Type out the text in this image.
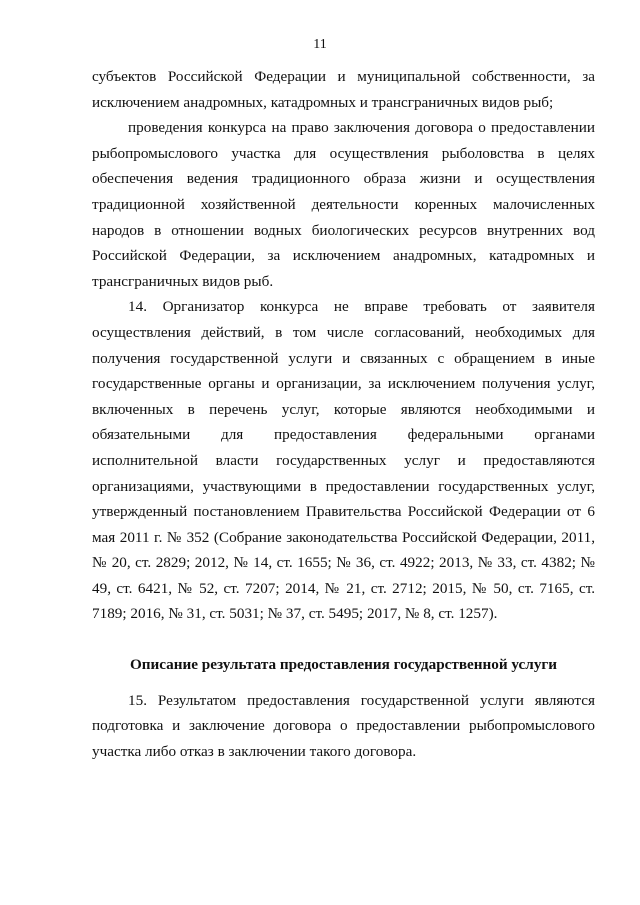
11

субъектов Российской Федерации и муниципальной собственности, за исключением анадромных, катадромных и трансграничных видов рыб;

проведения конкурса на право заключения договора о предоставлении рыбопромыслового участка для осуществления рыболовства в целях обеспечения ведения традиционного образа жизни и осуществления традиционной хозяйственной деятельности коренных малочисленных народов в отношении водных биологических ресурсов внутренних вод Российской Федерации, за исключением анадромных, катадромных и трансграничных видов рыб.

14. Организатор конкурса не вправе требовать от заявителя осуществления действий, в том числе согласований, необходимых для получения государственной услуги и связанных с обращением в иные государственные органы и организации, за исключением получения услуг, включенных в перечень услуг, которые являются необходимыми и обязательными для предоставления федеральными органами исполнительной власти государственных услуг и предоставляются организациями, участвующими в предоставлении государственных услуг, утвержденный постановлением Правительства Российской Федерации от 6 мая 2011 г. № 352 (Собрание законодательства Российской Федерации, 2011, № 20, ст. 2829; 2012, № 14, ст. 1655; № 36, ст. 4922; 2013, № 33, ст. 4382; № 49, ст. 6421, № 52, ст. 7207; 2014, № 21, ст. 2712; 2015, № 50, ст. 7165, ст. 7189; 2016, № 31, ст. 5031; № 37, ст. 5495; 2017, № 8, ст. 1257).

Описание результата предоставления государственной услуги

15. Результатом предоставления государственной услуги являются подготовка и заключение договора о предоставлении рыбопромыслового участка либо отказ в заключении такого договора.
